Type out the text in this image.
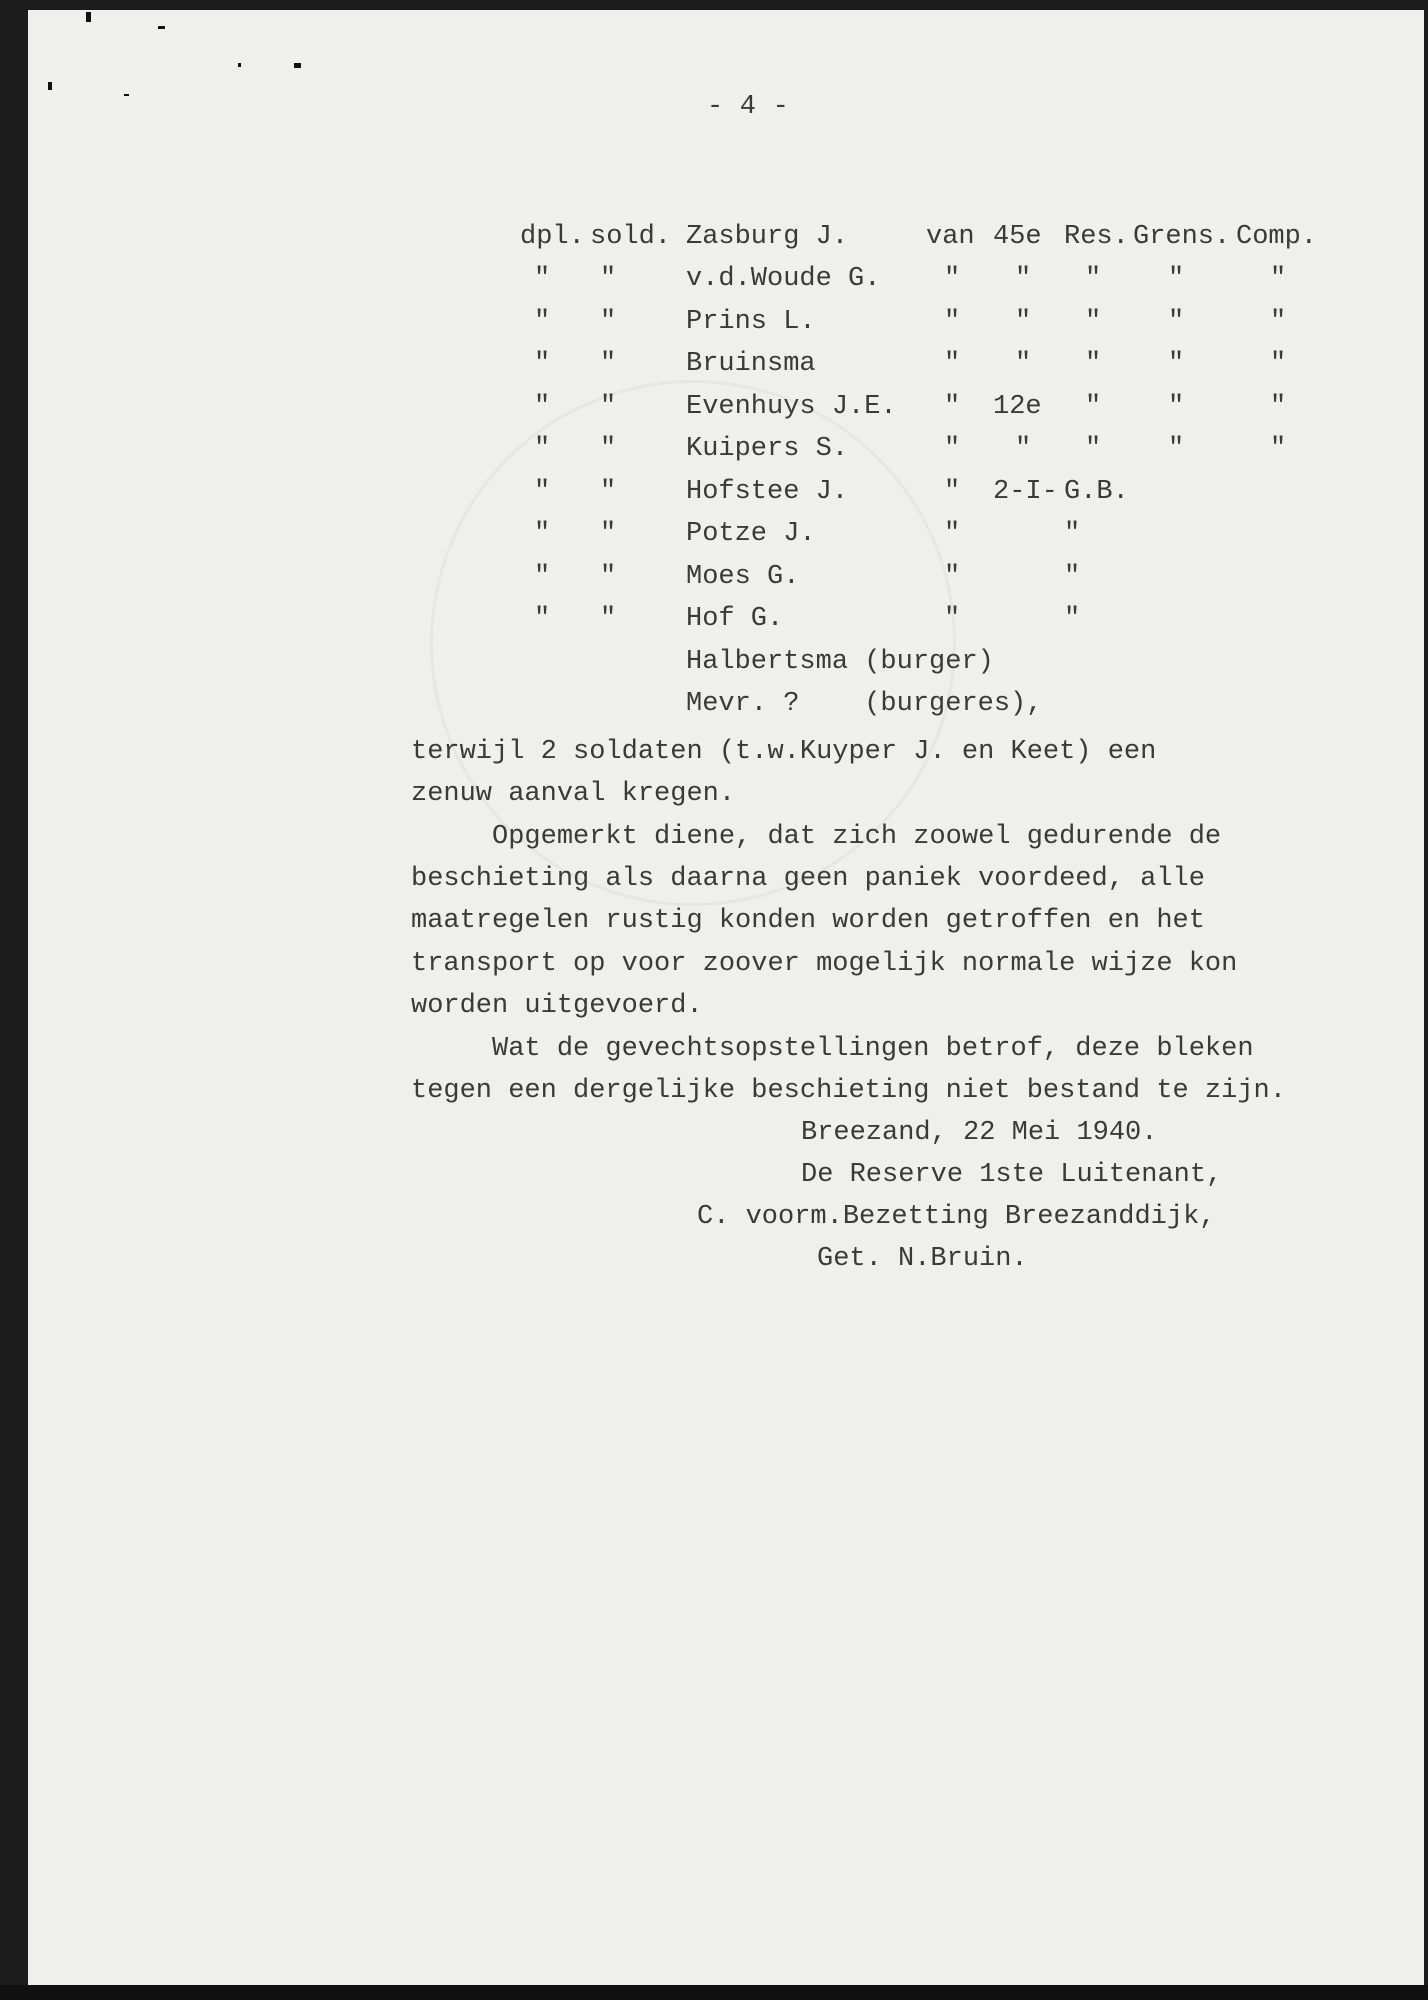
- 4 -
dpl. sold. Zasburg J.	van 45e Res. Grens. Comp.
" "	v.d.Woude G. " " " "	"
" "	Prins L.	" " " "	"
" "	Bruinsma	" " " "	"
" "	Evenhuys J.E. " 12e " "	"
" "	Kuipers S.	" " " "	"
" "	Hofstee J.	" 2-I- G.B.
" "	Potze J.	"	"
" "	Moes G.	"	"
" "	Hof G.	"	"
Halbertsma (burger)
Mevr. ?    (burgeres),
terwijl 2 soldaten (t.w.Kuyper J. en Keet) een
zenuw aanval kregen.
Opgemerkt diene, dat zich zoowel gedurende de
beschieting als daarna geen paniek voordeed, alle
maatregelen rustig konden worden getroffen en het
transport op voor zoover mogelijk normale wijze kon
worden uitgevoerd.
Wat de gevechtsopstellingen betrof, deze bleken
tegen een dergelijke beschieting niet bestand te zijn.
Breezand, 22 Mei 1940.
De Reserve 1ste Luitenant,
C. voorm.Bezetting Breezanddijk,
Get. N.Bruin.
